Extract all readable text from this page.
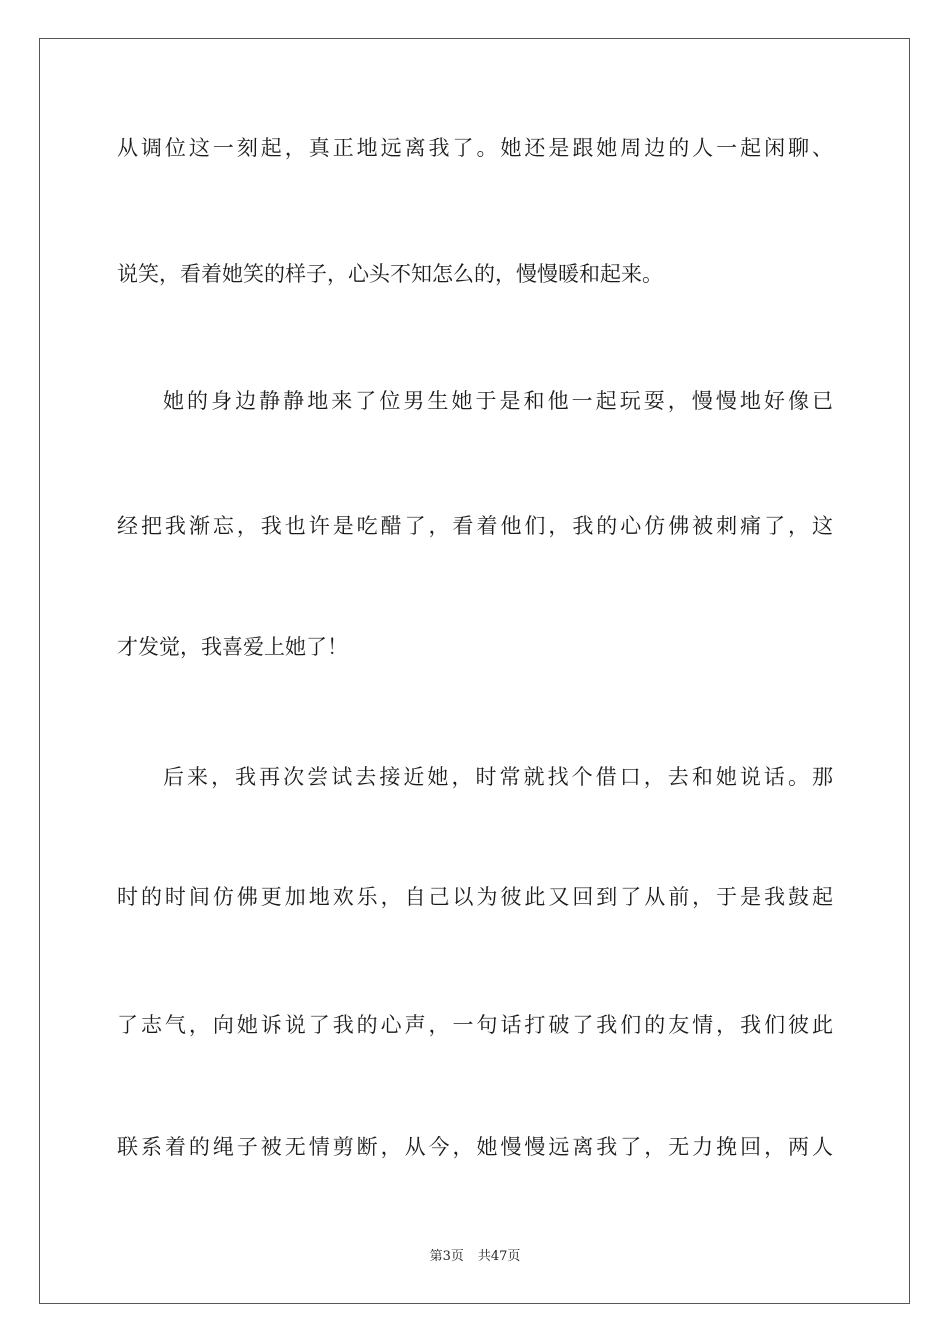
从调位这一刻起，真正地远离我了。她还是跟她周边的人一起闲聊、
说笑，看着她笑的样子，心头不知怎么的，慢慢暖和起来。
她的身边静静地来了位男生她于是和他一起玩耍，慢慢地好像已
经把我渐忘，我也许是吃醋了，看着他们，我的心仿佛被刺痛了，这
才发觉，我喜爱上她了！
后来，我再次尝试去接近她，时常就找个借口，去和她说话。那
时的时间仿佛更加地欢乐，自己以为彼此又回到了从前，于是我鼓起
了志气，向她诉说了我的心声，一句话打破了我们的友情，我们彼此
联系着的绳子被无情剪断，从今，她慢慢远离我了，无力挽回，两人
第3页 共47页
